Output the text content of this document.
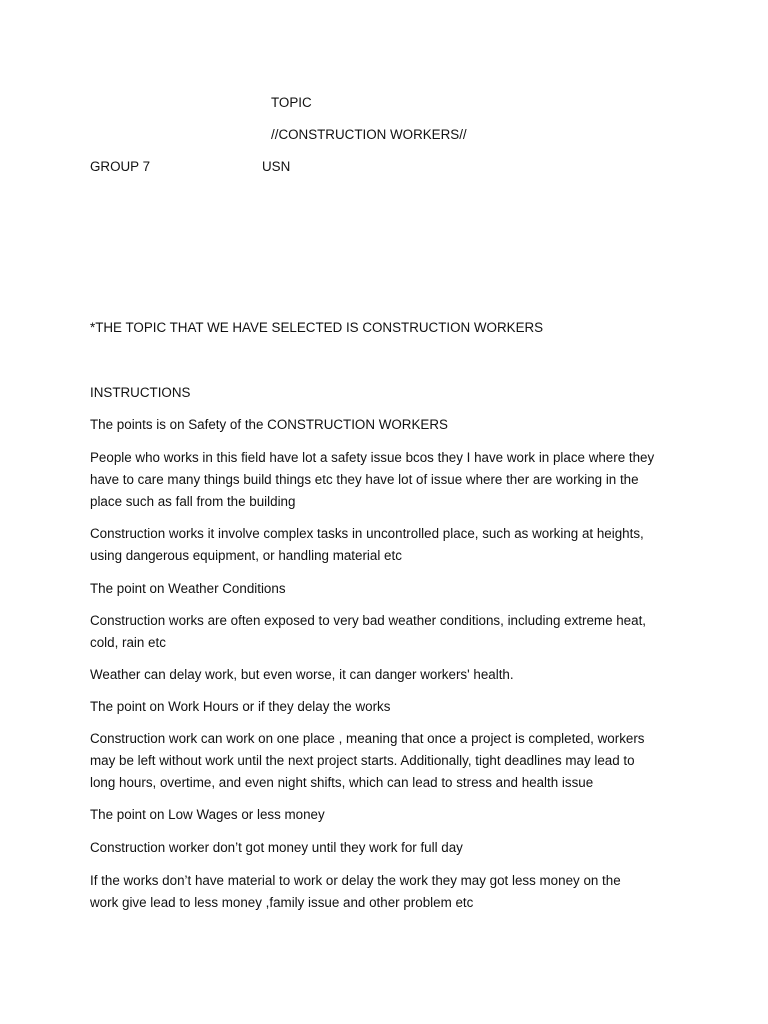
TOPIC
//CONSTRUCTION WORKERS//
GROUP 7	USN
*THE TOPIC THAT WE HAVE SELECTED IS CONSTRUCTION WORKERS
INSTRUCTIONS
The points is on Safety of the CONSTRUCTION WORKERS
People who works in this field have lot a safety issue bcos they I have work in place where they
have to care many things build things etc they have lot of issue where ther are working in the
place such as fall from the building
Construction works it involve complex tasks in uncontrolled place, such as working at heights,
using dangerous equipment, or handling material etc
The point on Weather Conditions
Construction works are often exposed to very bad weather conditions, including extreme heat,
cold, rain etc
Weather can delay work, but even worse, it can danger workers' health.
The point on Work Hours or if they delay the works
Construction work can work on one place , meaning that once a project is completed, workers
may be left without work until the next project starts. Additionally, tight deadlines may lead to
long hours, overtime, and even night shifts, which can lead to stress and health issue
The point on Low Wages or less money
Construction worker don’t got money until they work for full day
If the works don’t have material to work or delay the work they may got less money on the
work give lead to less money ,family issue and other problem etc
